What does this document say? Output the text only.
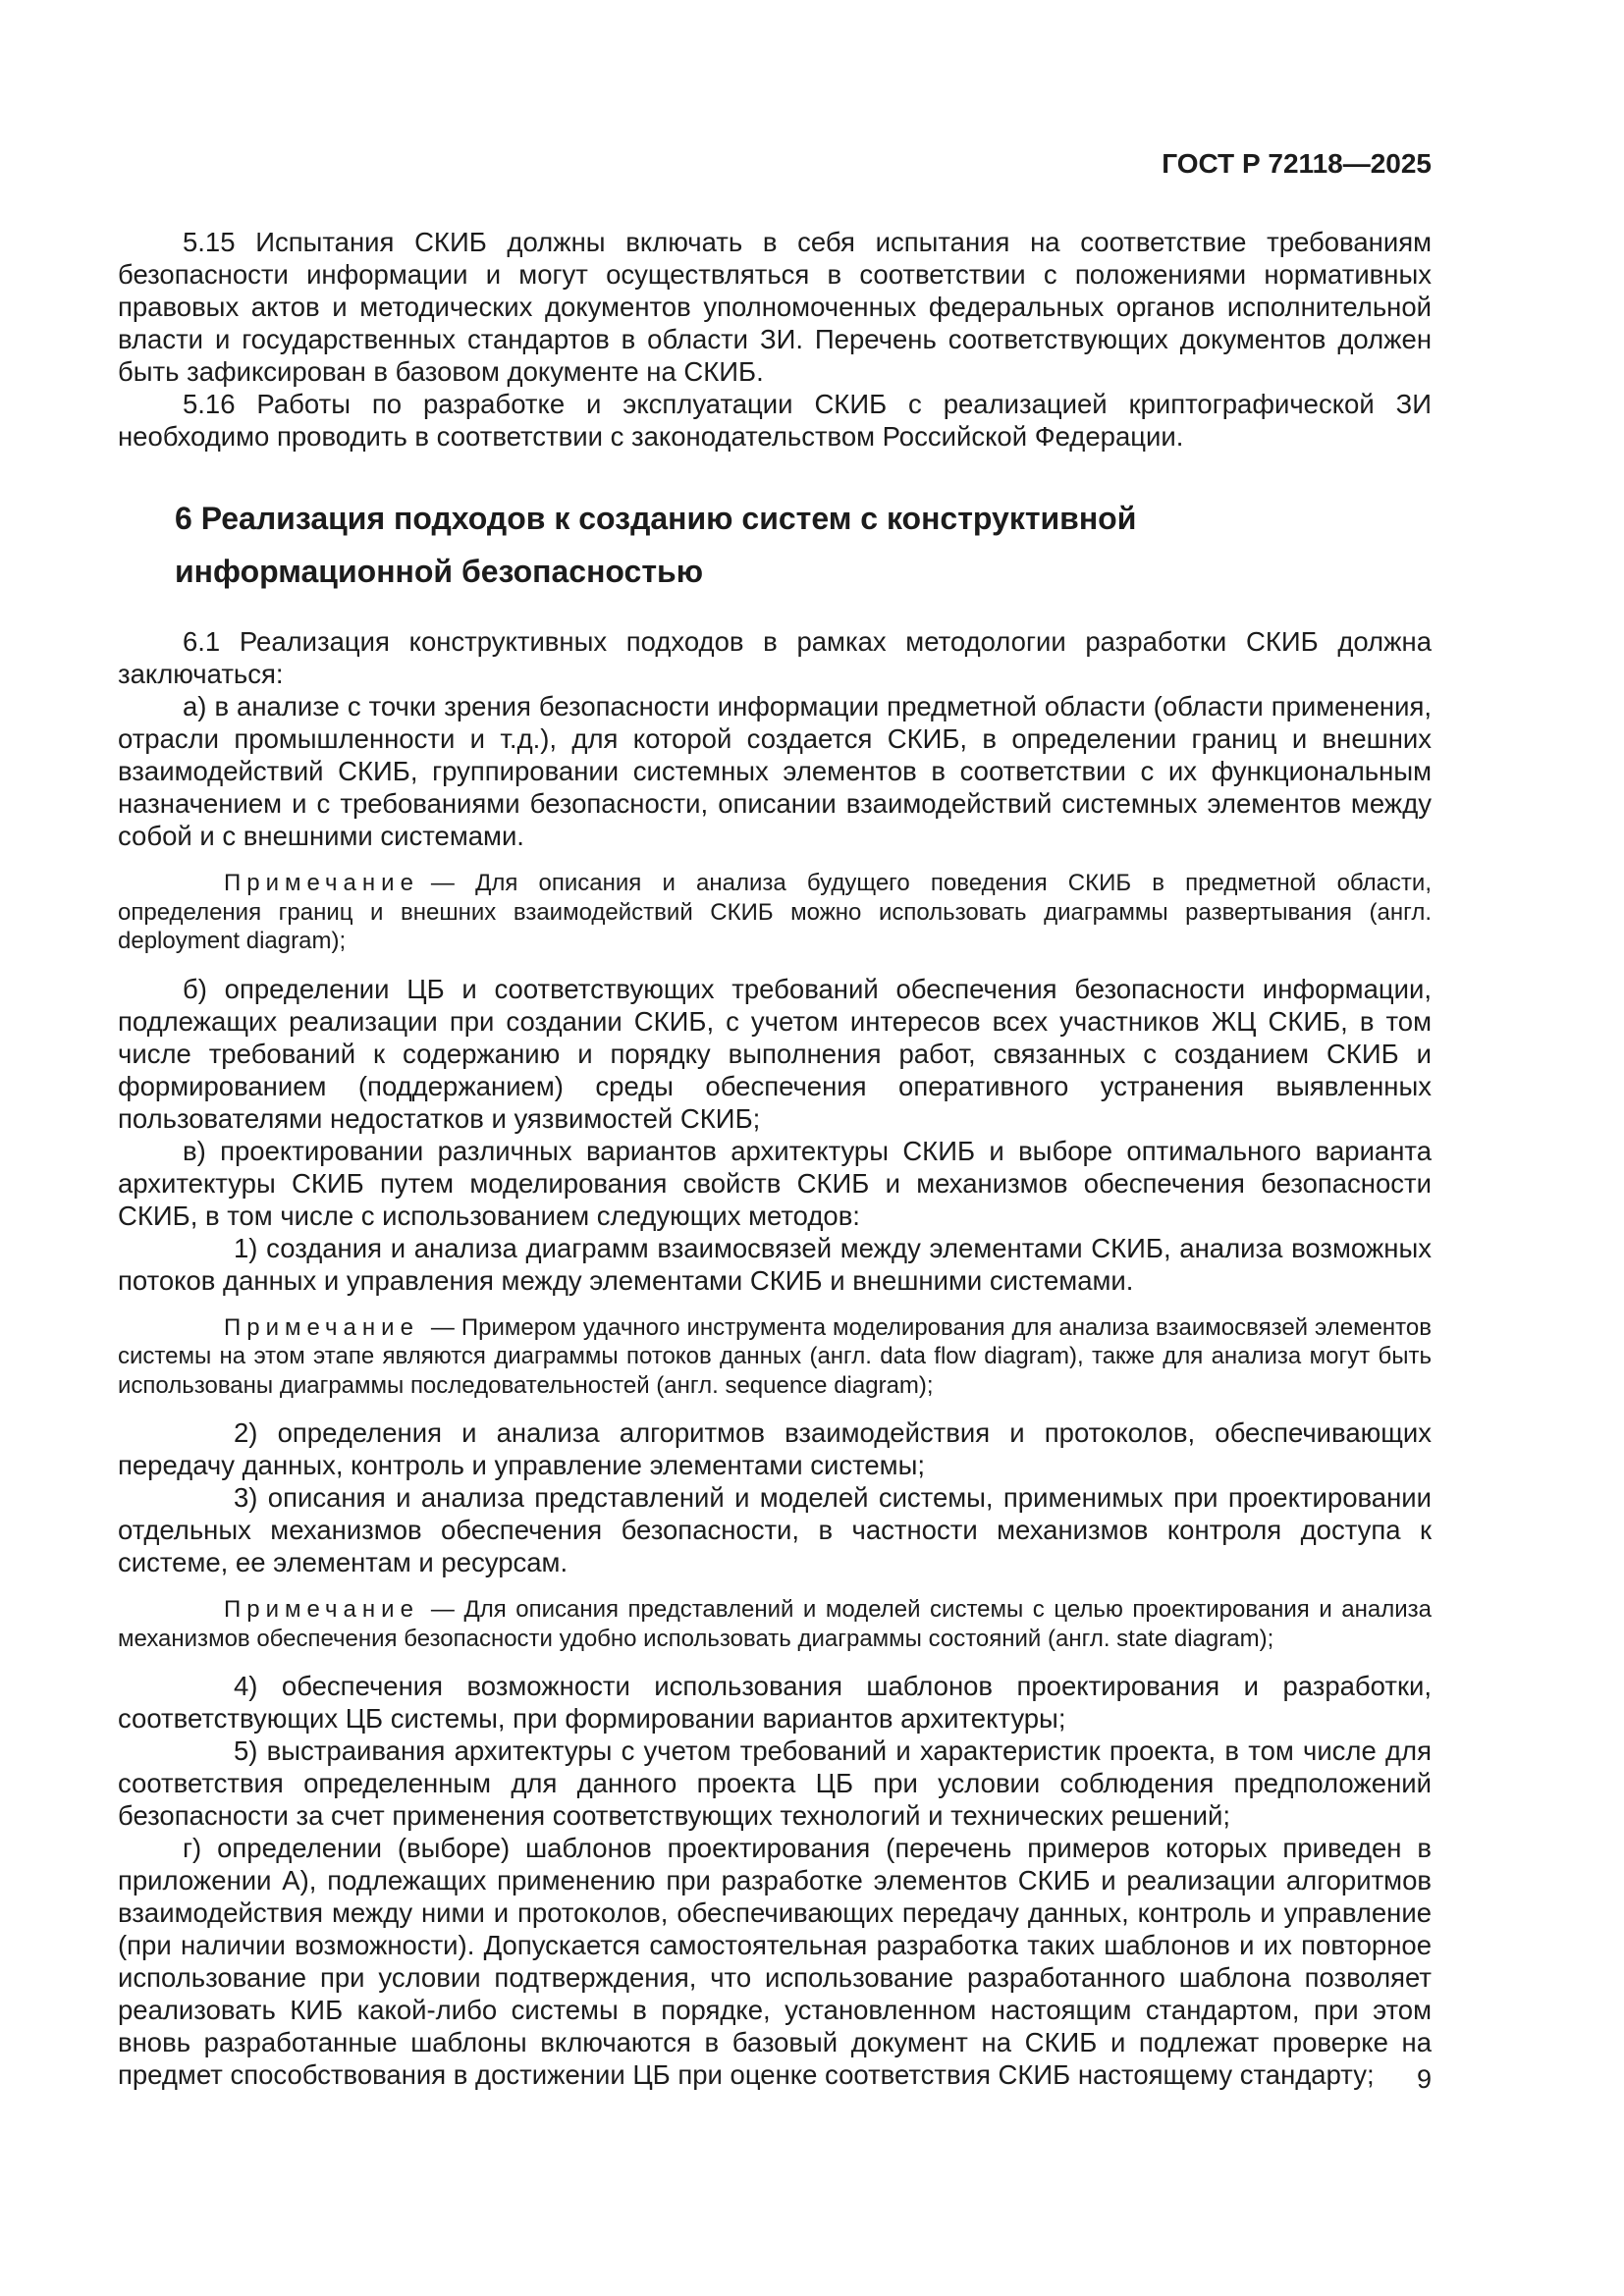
ГОСТ Р 72118—2025

5.15 Испытания СКИБ должны включать в себя испытания на соответствие требованиям безопасности информации и могут осуществляться в соответствии с положениями нормативных правовых актов и методических документов уполномоченных федеральных органов исполнительной власти и государственных стандартов в области ЗИ. Перечень соответствующих документов должен быть зафиксирован в базовом документе на СКИБ.

5.16 Работы по разработке и эксплуатации СКИБ с реализацией криптографической ЗИ необходимо проводить в соответствии с законодательством Российской Федерации.

6 Реализация подходов к созданию систем с конструктивной
информационной безопасностью

6.1 Реализация конструктивных подходов в рамках методологии разработки СКИБ должна заключаться:

а) в анализе с точки зрения безопасности информации предметной области (области применения, отрасли промышленности и т.д.), для которой создается СКИБ, в определении границ и внешних взаимодействий СКИБ, группировании системных элементов в соответствии с их функциональным назначением и с требованиями безопасности, описании взаимодействий системных элементов между собой и с внешними системами.

Примечание — Для описания и анализа будущего поведения СКИБ в предметной области, определения границ и внешних взаимодействий СКИБ можно использовать диаграммы развертывания (англ. deployment diagram);

б) определении ЦБ и соответствующих требований обеспечения безопасности информации, подлежащих реализации при создании СКИБ, с учетом интересов всех участников ЖЦ СКИБ, в том числе требований к содержанию и порядку выполнения работ, связанных с созданием СКИБ и формированием (поддержанием) среды обеспечения оперативного устранения выявленных пользователями недостатков и уязвимостей СКИБ;

в) проектировании различных вариантов архитектуры СКИБ и выборе оптимального варианта архитектуры СКИБ путем моделирования свойств СКИБ и механизмов обеспечения безопасности СКИБ, в том числе с использованием следующих методов:

1) создания и анализа диаграмм взаимосвязей между элементами СКИБ, анализа возможных потоков данных и управления между элементами СКИБ и внешними системами.

Примечание — Примером удачного инструмента моделирования для анализа взаимосвязей элементов системы на этом этапе являются диаграммы потоков данных (англ. data flow diagram), также для анализа могут быть использованы диаграммы последовательностей (англ. sequence diagram);

2) определения и анализа алгоритмов взаимодействия и протоколов, обеспечивающих передачу данных, контроль и управление элементами системы;

3) описания и анализа представлений и моделей системы, применимых при проектировании отдельных механизмов обеспечения безопасности, в частности механизмов контроля доступа к системе, ее элементам и ресурсам.

Примечание — Для описания представлений и моделей системы с целью проектирования и анализа механизмов обеспечения безопасности удобно использовать диаграммы состояний (англ. state diagram);

4) обеспечения возможности использования шаблонов проектирования и разработки, соответствующих ЦБ системы, при формировании вариантов архитектуры;

5) выстраивания архитектуры с учетом требований и характеристик проекта, в том числе для соответствия определенным для данного проекта ЦБ при условии соблюдения предположений безопасности за счет применения соответствующих технологий и технических решений;

г) определении (выборе) шаблонов проектирования (перечень примеров которых приведен в приложении А), подлежащих применению при разработке элементов СКИБ и реализации алгоритмов взаимодействия между ними и протоколов, обеспечивающих передачу данных, контроль и управление (при наличии возможности). Допускается самостоятельная разработка таких шаблонов и их повторное использование при условии подтверждения, что использование разработанного шаблона позволяет реализовать КИБ какой-либо системы в порядке, установленном настоящим стандартом, при этом вновь разработанные шаблоны включаются в базовый документ на СКИБ и подлежат проверке на предмет способствования в достижении ЦБ при оценке соответствия СКИБ настоящему стандарту;	9
